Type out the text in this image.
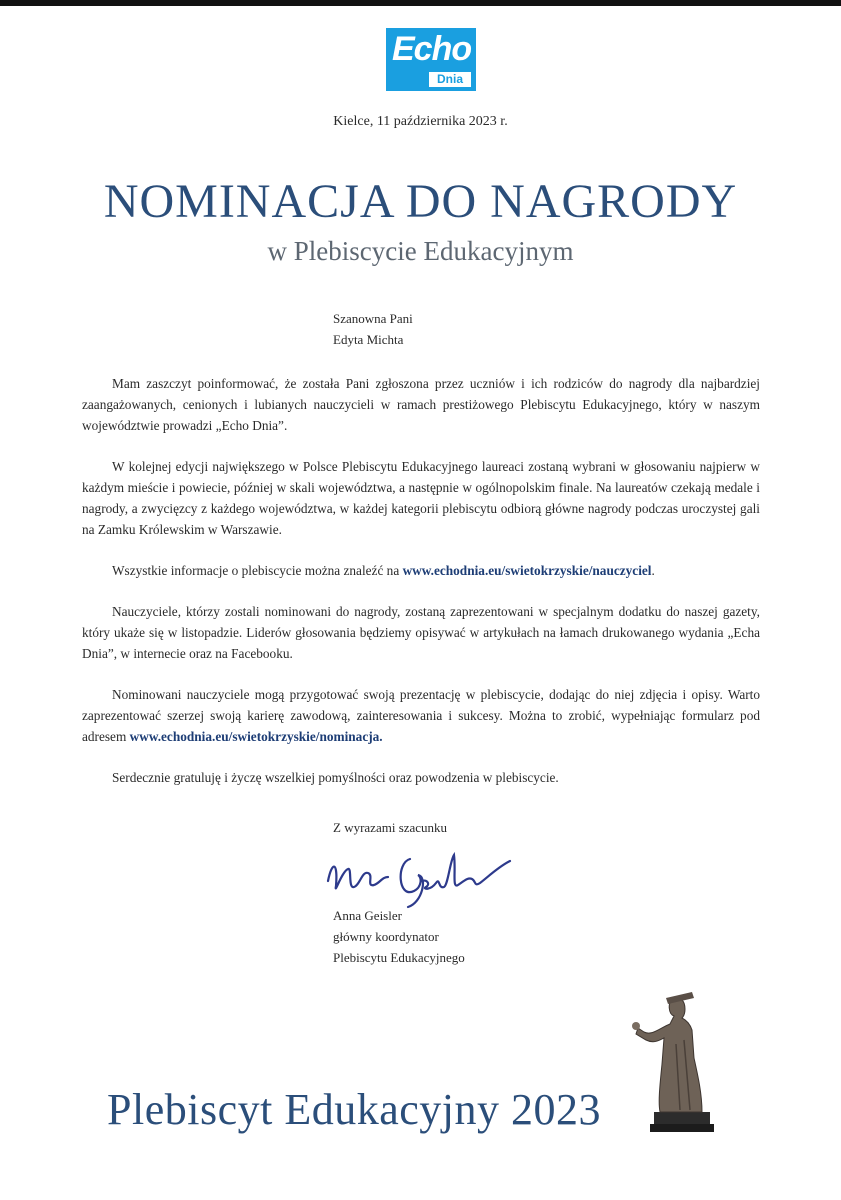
Echo
Dnia
Kielce, 11 października 2023 r.
NOMINACJA DO NAGRODY
w Plebiscycie Edukacyjnym
Szanowna Pani
Edyta Michta

Mam zaszczyt poinformować, że została Pani zgłoszona przez uczniów i ich rodziców do nagrody dla najbardziej zaangażowanych, cenionych i lubianych nauczycieli w ramach prestiżowego Plebiscytu Edukacyjnego, który w naszym województwie prowadzi „Echo Dnia”.

W kolejnej edycji największego w Polsce Plebiscytu Edukacyjnego laureaci zostaną wybrani w głosowaniu najpierw w każdym mieście i powiecie, później w skali województwa, a następnie w ogólnopolskim finale. Na laureatów czekają medale i nagrody, a zwycięzcy z każdego województwa, w każdej kategorii plebiscytu odbiorą główne nagrody podczas uroczystej gali na Zamku Królewskim w Warszawie.

Wszystkie informacje o plebiscycie można znaleźć na www.echodnia.eu/swietokrzyskie/nauczyciel.

Nauczyciele, którzy zostali nominowani do nagrody, zostaną zaprezentowani w specjalnym dodatku do naszej gazety, który ukaże się w listopadzie. Liderów głosowania będziemy opisywać w artykułach na łamach drukowanego wydania „Echa Dnia”, w internecie oraz na Facebooku.

Nominowani nauczyciele mogą przygotować swoją prezentację w plebiscycie, dodając do niej zdjęcia i opisy. Warto zaprezentować szerzej swoją karierę zawodową, zainteresowania i sukcesy. Można to zrobić, wypełniając formularz pod adresem www.echodnia.eu/swietokrzyskie/nominacja.

Serdecznie gratuluję i życzę wszelkiej pomyślności oraz powodzenia w plebiscycie.

Z wyrazami szacunku
Anna Geisler
główny koordynator
Plebiscytu Edukacyjnego
Plebiscyt Edukacyjny 2023
